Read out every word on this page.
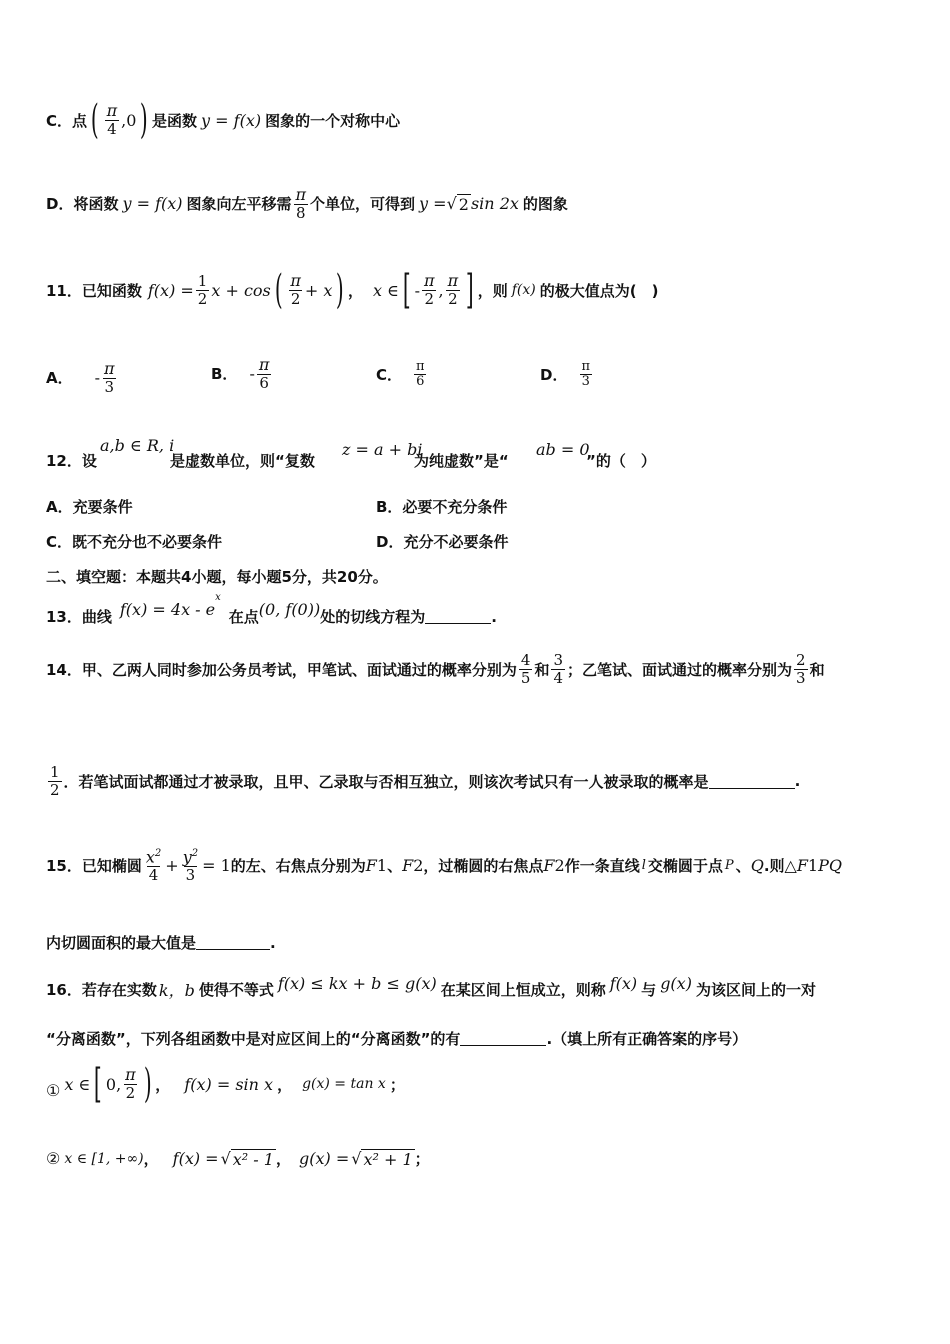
C．点 ( $\frac{\pi}{4} ,0$ ) 是函数 y = f(x) 图象的一个对称中心
D．将函数 y = f(x) 图象向左平移需 $\frac{\pi}{8}$ 个单位，可得到 y = √ 2 sin 2x 的图象
11．已知函数 $f(x) = \frac{1}{2}$ x + cos ( $\frac{\pi}{2} + x$ ) ， x ∈ [ - $\frac{\pi}{2}$ , $\frac{\pi}{2}$ ] ，则 f(x) 的极大值点为(　)
A． - $\frac{\pi}{3}$	B． - $\frac{\pi}{6}$	C． $\frac{\pi}{6}$	D． $\frac{\pi}{3}$
12．设
a,b ∈ R, i
是虚数单位，则“复数
z = a + bi
为纯虚数”是“
ab = 0
”的（　）
A．充要条件	B．必要不充分条件
C．既不充分也不必要条件	D．充分不必要条件
二、填空题：本题共4小题，每小题5分，共20分。
13．曲线 f(x) = 4x - e
$^x$
在点 (0, f(0)) 处的切线方程为	.
14．甲、乙两人同时参加公务员考试，甲笔试、面试通过的概率分别为 $\frac{4}{5}$ 和 $\frac{3}{4}$ ；乙笔试、面试通过的概率分别为 $\frac{2}{3}$ 和
$\frac{1}{2}$ ．若笔试面试都通过才被录取，且甲、乙录取与否相互独立，则该次考试只有一人被录取的概率是	.
15．已知椭圆 $\frac{x^2}{4} + \frac{y^2}{3} = 1$ 的左、右焦点分别为 F 1 、 F 2 ，过椭圆的右焦点 F 2 作一条直线 l 交椭圆于点 P 、 Q .则 △F 1 PQ
内切圆面积的最大值是	.
16．若存在实数 k，b 使得不等式 f(x) ≤ kx + b ≤ g(x) 在某区间上恒成立，则称 f(x) 与 g(x) 为该区间上的一对
“分离函数”，下列各组函数中是对应区间上的“分离函数”的有	.（填上所有正确答案的序号）
① x ∈ [ 0, $\frac{\pi}{2}$ ) ， f(x) = sin x ， g(x) = tan x ；
② x ∈ [1, +∞) ， f(x) = √ x² - 1 ， g(x) = √ x² + 1 ；
